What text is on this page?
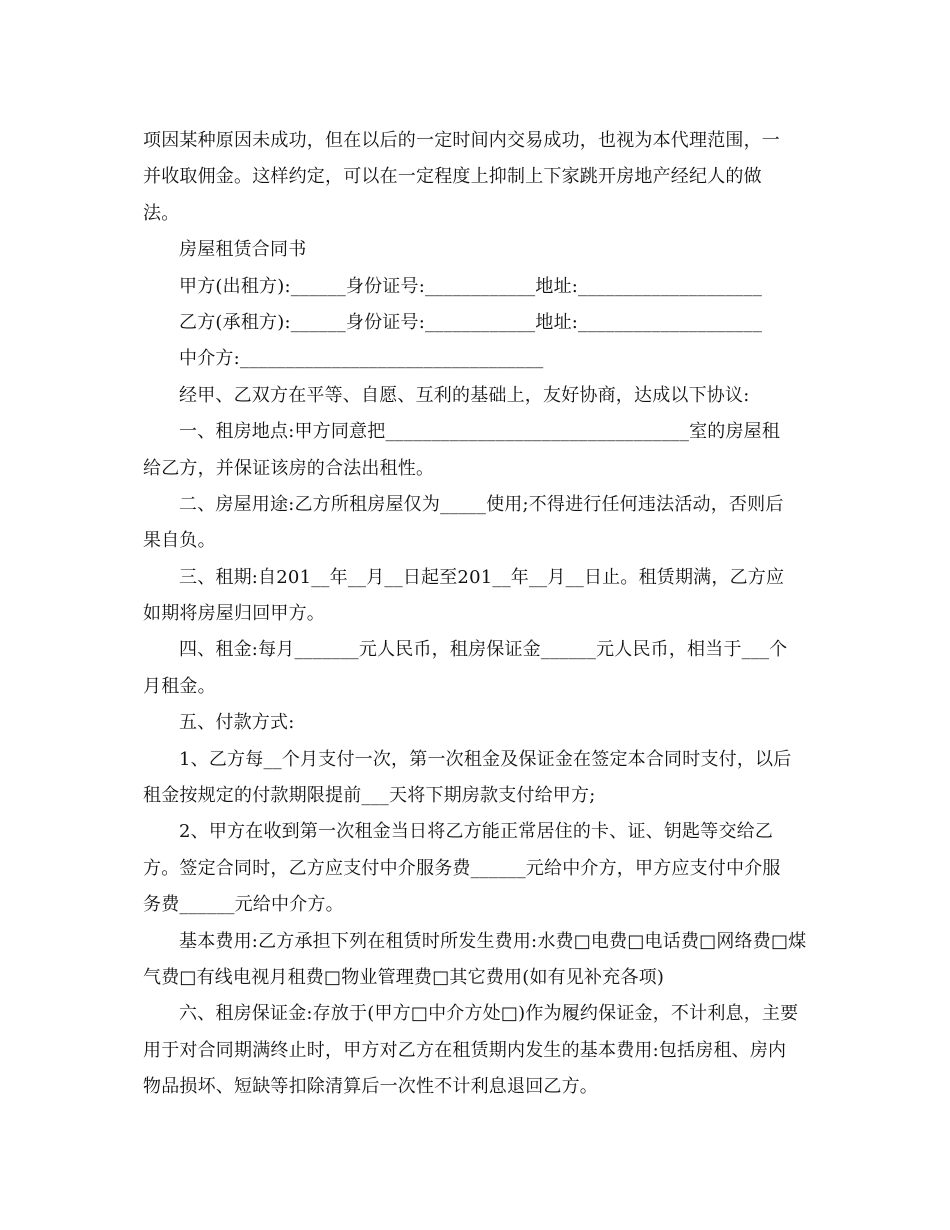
项因某种原因未成功，但在以后的一定时间内交易成功，也视为本代理范围，一
并收取佣金。这样约定，可以在一定程度上抑制上下家跳开房地产经纪人的做
法。
房屋租赁合同书
甲方(出租方):______身份证号:____________地址:____________________
乙方(承租方):______身份证号:____________地址:____________________
中介方:_________________________________
经甲、乙双方在平等、自愿、互利的基础上，友好协商，达成以下协议:
一、租房地点:甲方同意把_________________________________室的房屋租
给乙方，并保证该房的合法出租性。
二、房屋用途:乙方所租房屋仅为_____使用;不得进行任何违法活动，否则后
果自负。
三、租期:自201__年__月__日起至201__年__月__日止。租赁期满，乙方应
如期将房屋归回甲方。
四、租金:每月_______元人民币，租房保证金______元人民币，相当于___个
月租金。
五、付款方式:
1、乙方每__个月支付一次，第一次租金及保证金在签定本合同时支付，以后
租金按规定的付款期限提前___天将下期房款支付给甲方;
2、甲方在收到第一次租金当日将乙方能正常居住的卡、证、钥匙等交给乙
方。签定合同时，乙方应支付中介服务费______元给中介方，甲方应支付中介服
务费______元给中介方。
基本费用:乙方承担下列在租赁时所发生费用:水费□电费□电话费□网络费□煤
气费□有线电视月租费□物业管理费□其它费用(如有见补充各项)
六、租房保证金:存放于(甲方□中介方处□)作为履约保证金，不计利息，主要
用于对合同期满终止时，甲方对乙方在租赁期内发生的基本费用:包括房租、房内
物品损坏、短缺等扣除清算后一次性不计利息退回乙方。
